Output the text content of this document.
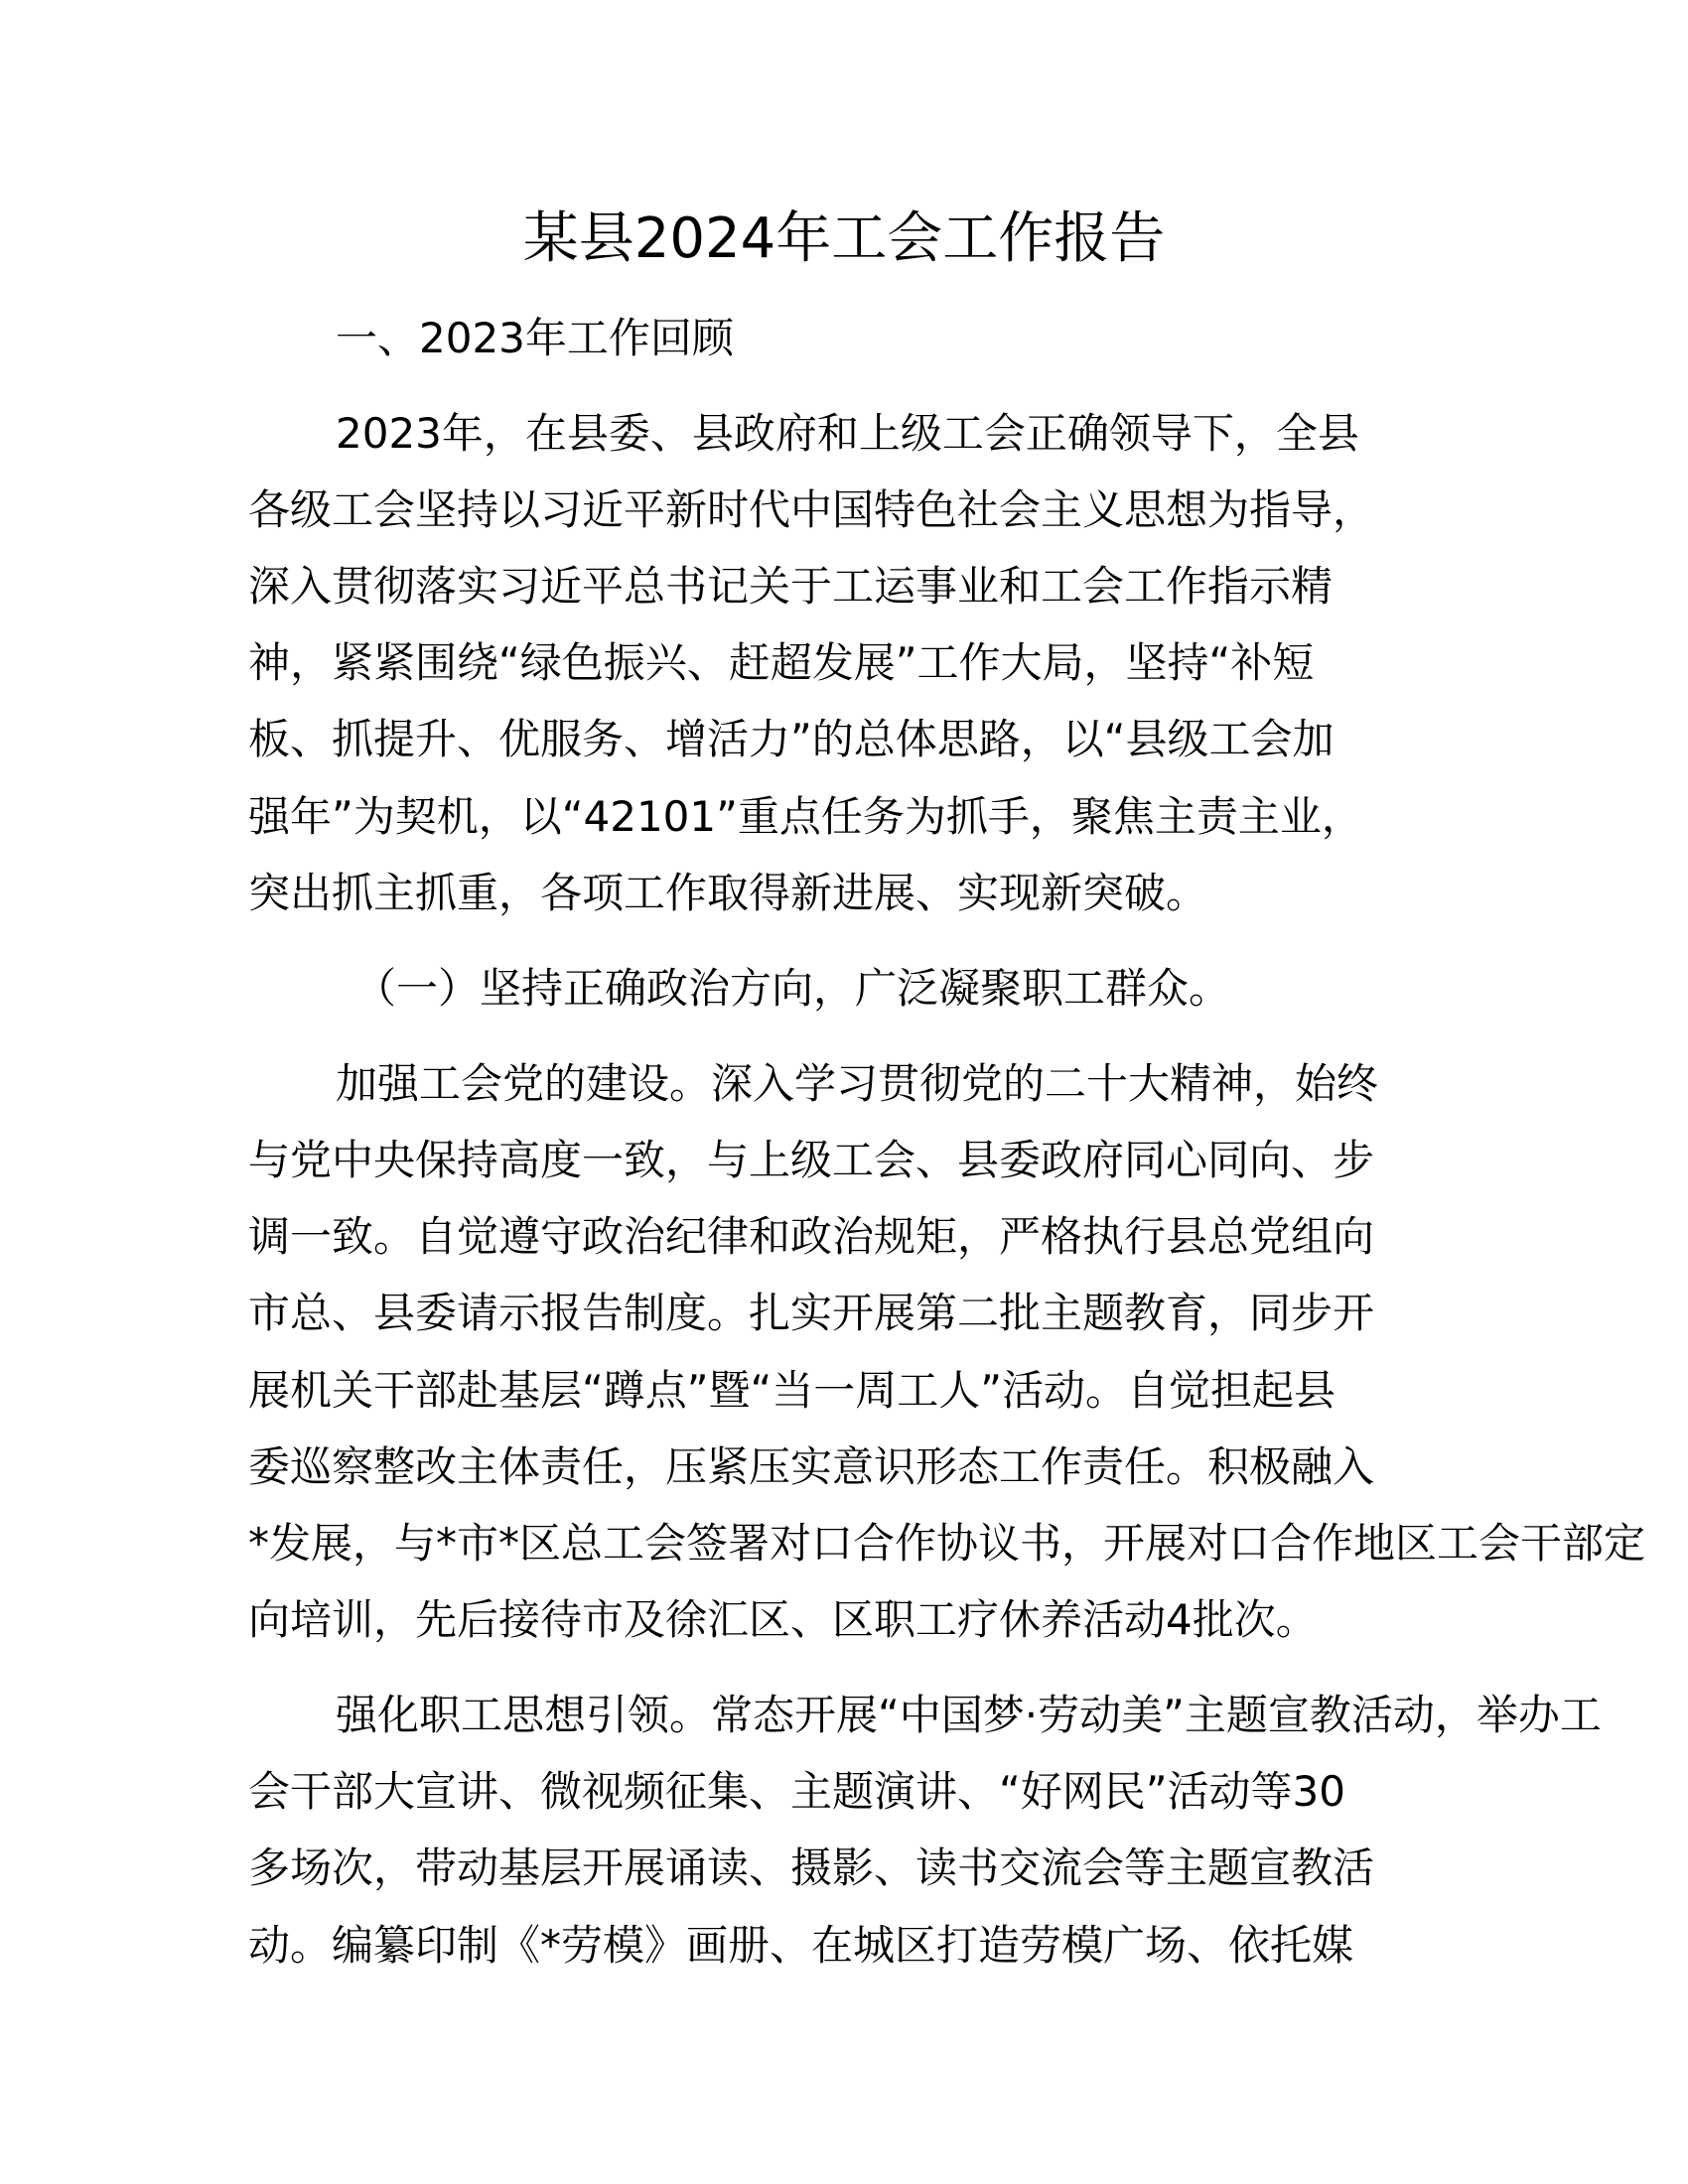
某县2024年工会工作报告

一、2023年工作回顾

2023年，在县委、县政府和上级工会正确领导下，全县

各级工会坚持以习近平新时代中国特色社会主义思想为指导，

深入贯彻落实习近平总书记关于工运事业和工会工作指示精

神，紧紧围绕“绿色振兴、赶超发展”工作大局，坚持“补短

板、抓提升、优服务、增活力”的总体思路，以“县级工会加

强年”为契机，以“42101”重点任务为抓手，聚焦主责主业，

突出抓主抓重，各项工作取得新进展、实现新突破。

（一）坚持正确政治方向，广泛凝聚职工群众。

加强工会党的建设。深入学习贯彻党的二十大精神，始终

与党中央保持高度一致，与上级工会、县委政府同心同向、步

调一致。自觉遵守政治纪律和政治规矩，严格执行县总党组向

市总、县委请示报告制度。扎实开展第二批主题教育，同步开

展机关干部赴基层“蹲点”暨“当一周工人”活动。自觉担起县

委巡察整改主体责任，压紧压实意识形态工作责任。积极融入

*发展，与*市*区总工会签署对口合作协议书，开展对口合作地区工会干部定

向培训，先后接待市及徐汇区、区职工疗休养活动4批次。

强化职工思想引领。常态开展“中国梦·劳动美”主题宣教活动，举办工

会干部大宣讲、微视频征集、主题演讲、“好网民”活动等30

多场次，带动基层开展诵读、摄影、读书交流会等主题宣教活

动。编纂印制《*劳模》画册、在城区打造劳模广场、依托媒
